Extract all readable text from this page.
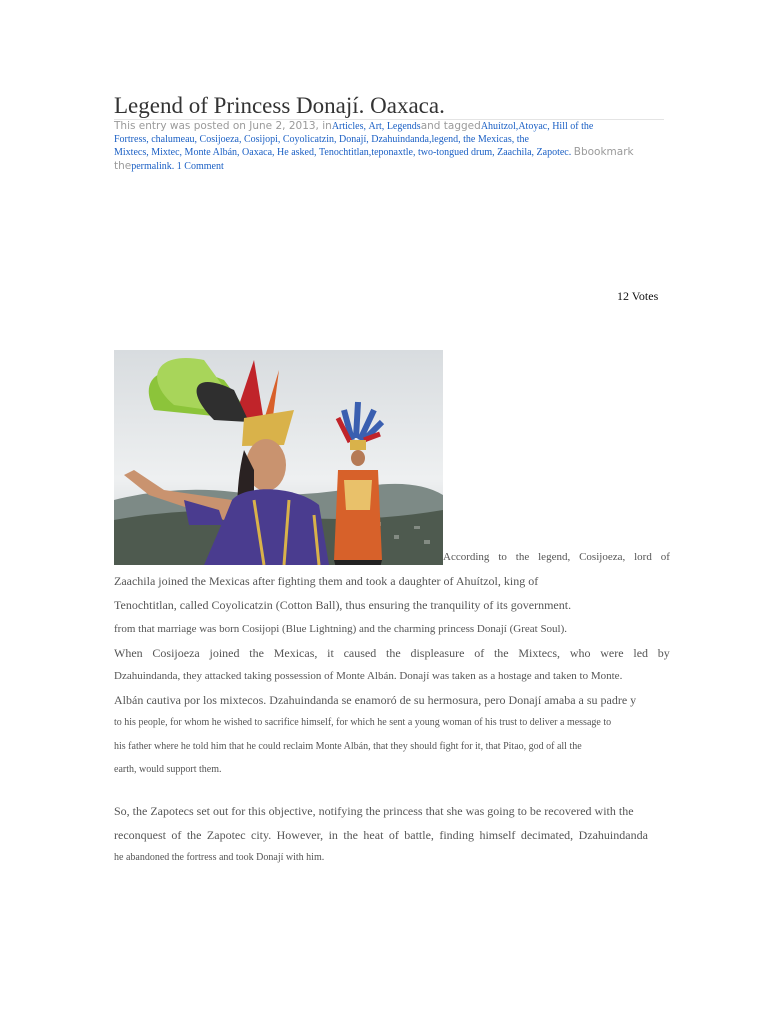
Legend of Princess Donají. Oaxaca.
This entry was posted on June 2, 2013, inArticles, Art, Legendsand taggedAhuítzol,Atoyac, Hill of the
Fortress, chalumeau, Cosijoeza, Cosijopi, Coyolicatzin, Donají, Dzahuindanda,legend, the Mexicas, the
Mixtecs, Mixtec, Monte Albán, Oaxaca, He asked, Tenochtitlan,teponaxtle, two-tongued drum, Zaachila, Zapotec. Bbookmark
thepermalink. 1 Comment
12 Votes
According to the legend, Cosijoeza, lord of
Zaachila joined the Mexicas after fighting them and took a daughter of Ahuítzol, king of
Tenochtitlan, called Coyolicatzin (Cotton Ball), thus ensuring the tranquility of its government.
from that marriage was born Cosijopi (Blue Lightning) and the charming princess Donají (Great Soul).
When Cosijoeza joined the Mexicas, it caused the displeasure of the Mixtecs, who were led by
Dzahuindanda, they attacked taking possession of Monte Albán. Donají was taken as a hostage and taken to Monte.
Albán cautiva por los mixtecos. Dzahuindanda se enamoró de su hermosura, pero Donají amaba a su padre y
to his people, for whom he wished to sacrifice himself, for which he sent a young woman of his trust to deliver a message to
his father where he told him that he could reclaim Monte Albán, that they should fight for it, that Pitao, god of all the
earth, would support them.
So, the Zapotecs set out for this objective, notifying the princess that she was going to be recovered with the
reconquest of the Zapotec city. However, in the heat of battle, finding himself decimated, Dzahuindanda
he abandoned the fortress and took Donají with him.
